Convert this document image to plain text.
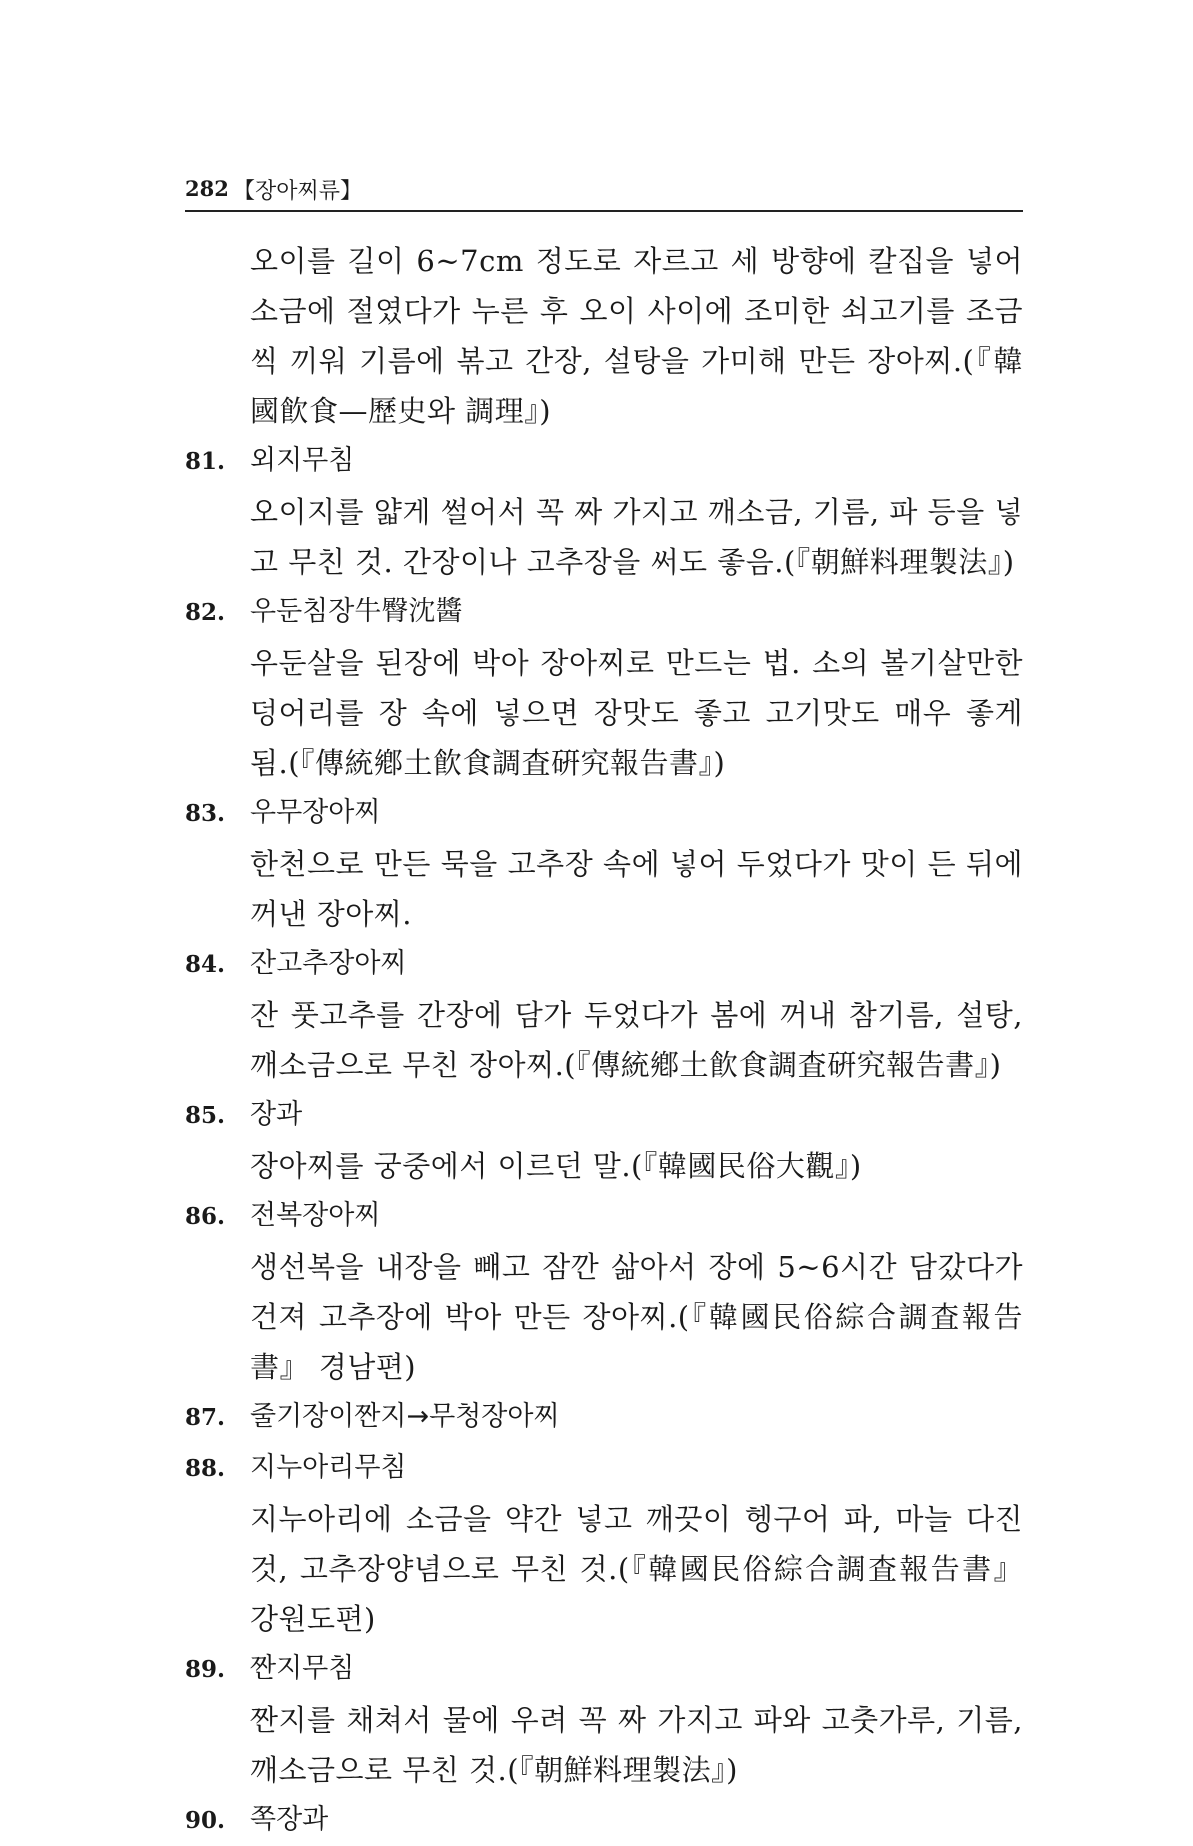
282 【장아찌류】
오이를 길이 6~7cm 정도로 자르고 세 방향에 칼집을 넣어 소금에 절였다가 누른 후 오이 사이에 조미한 쇠고기를 조금씩 끼워 기름에 볶고 간장, 설탕을 가미해 만든 장아찌.(『韓國飮食—歷史와 調理』)
81. 외지무침
오이지를 얇게 썰어서 꼭 짜 가지고 깨소금, 기름, 파 등을 넣고 무친 것. 간장이나 고추장을 써도 좋음.(『朝鮮料理製法』)
82. 우둔침장牛臀沈醬
우둔살을 된장에 박아 장아찌로 만드는 법. 소의 볼기살만한 덩어리를 장 속에 넣으면 장맛도 좋고 고기맛도 매우 좋게 됨.(『傳統鄕土飮食調査硏究報告書』)
83. 우무장아찌
한천으로 만든 묵을 고추장 속에 넣어 두었다가 맛이 든 뒤에 꺼낸 장아찌.
84. 잔고추장아찌
잔 풋고추를 간장에 담가 두었다가 봄에 꺼내 참기름, 설탕, 깨소금으로 무친 장아찌.(『傳統鄕土飮食調査硏究報告書』)
85. 장과
장아찌를 궁중에서 이르던 말.(『韓國民俗大觀』)
86. 전복장아찌
생선복을 내장을 빼고 잠깐 삶아서 장에 5~6시간 담갔다가 건져 고추장에 박아 만든 장아찌.(『韓國民俗綜合調査報告書』 경남편)
87. 줄기장이짠지→무청장아찌
88. 지누아리무침
지누아리에 소금을 약간 넣고 깨끗이 헹구어 파, 마늘 다진 것, 고추장양념으로 무친 것.(『韓國民俗綜合調査報告書』 강원도편)
89. 짠지무침
짠지를 채쳐서 물에 우려 꼭 짜 가지고 파와 고춧가루, 기름, 깨소금으로 무친 것.(『朝鮮料理製法』)
90. 쪽장과
